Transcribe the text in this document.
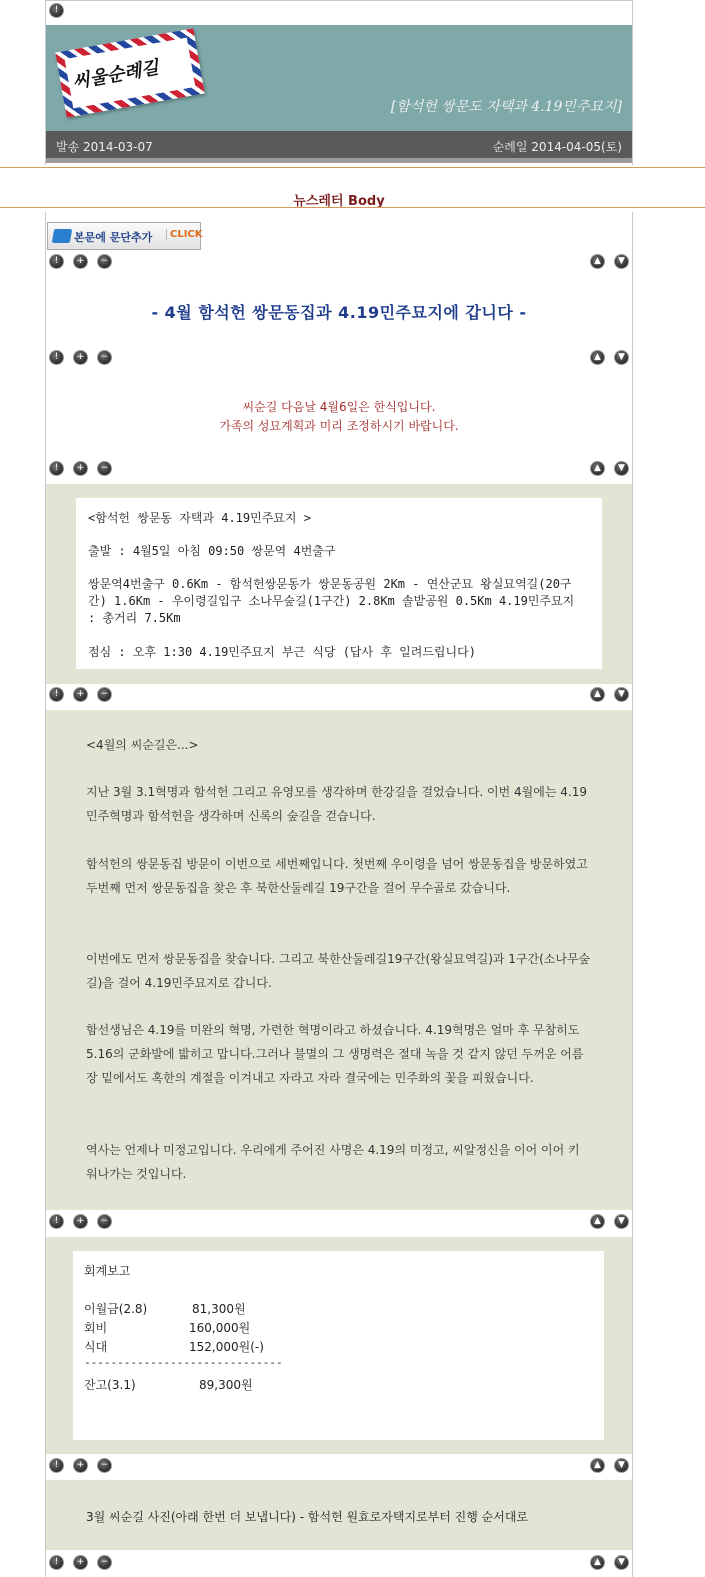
!
씨울순례길
[함석헌 쌍문도 자택과 4.19민주묘지]
발송 2014-03-07	순례일 2014-04-05(토)
뉴스레터 Body
본문에 문단추가	CLICK
!	+	−	▲	▼
- 4월 함석헌 쌍문동집과 4.19민주묘지에 갑니다 -
!	+	−	▲	▼
씨순길 다음날 4월6일은 한식입니다.
가족의 성묘계획과 미리 조정하시기 바랍니다.
!	+	−	▲	▼
<함석헌 쌍문동 자택과 4.19민주묘지 >
출발 : 4월5일 아침 09:50 쌍문역 4번출구
쌍문역4번출구 0.6Km - 함석헌쌍문동가 쌍문동공원 2Km - 연산군묘 왕실묘역길(20구간) 1.6Km - 우이령길입구 소나무숲길(1구간) 2.8Km 솔밭공원 0.5Km 4.19민주묘지 : 총거리 7.5Km
점심 : 오후 1:30 4.19민주묘지 부근 식당 (답사 후 일려드립니다)
!	+	−	▲	▼
<4월의 씨순길은...>
지난 3월 3.1혁명과 함석헌 그리고 유영모를 생각하며 한강길을 걸었습니다. 이번 4월에는 4.19민주혁명과 함석헌을 생각하며 신록의 숲길을 걷습니다.
함석헌의 쌍문동집 방문이 이번으로 세번째입니다. 첫번째 우이령을 넘어 쌍문동집을 방문하였고 두번째 먼저 쌍문동집을 찾은 후 북한산둘레길 19구간을 걸어 무수골로 갔습니다.
이번에도 먼저 쌍문동집을 찾습니다. 그리고 북한산둘레길19구간(왕실묘역길)과 1구간(소나무숲길)을 걸어 4.19민주묘지로 갑니다.
함선생님은 4.19를 미완의 혁명, 가련한 혁명이라고 하셨습니다. 4.19혁명은 얼마 후 무참히도 5.16의 군화발에 밟히고 맙니다.그러나 불멸의 그 생명력은 절대 녹을 것 같지 않던 두꺼운 어름장 밑에서도 혹한의 계절을 이겨내고 자라고 자라 결국에는 민주화의 꽃을 피웠습니다.
역사는 언제나 미정고입니다. 우리에게 주어진 사명은 4.19의 미정고, 씨알정신을 이어 이어 키워나가는 것입니다.
!	+	−	▲	▼
회계보고
이월금(2.8)	81,300원
회비	160,000원
식대	152,000원(-)
------------------------------
잔고(3.1)	89,300원
!	+	−	▲	▼
3월 씨순길 사진(아래 한번 더 보냅니다) - 함석헌 원효로자택지로부터 진행 순서대로
!	+	−	▲	▼
